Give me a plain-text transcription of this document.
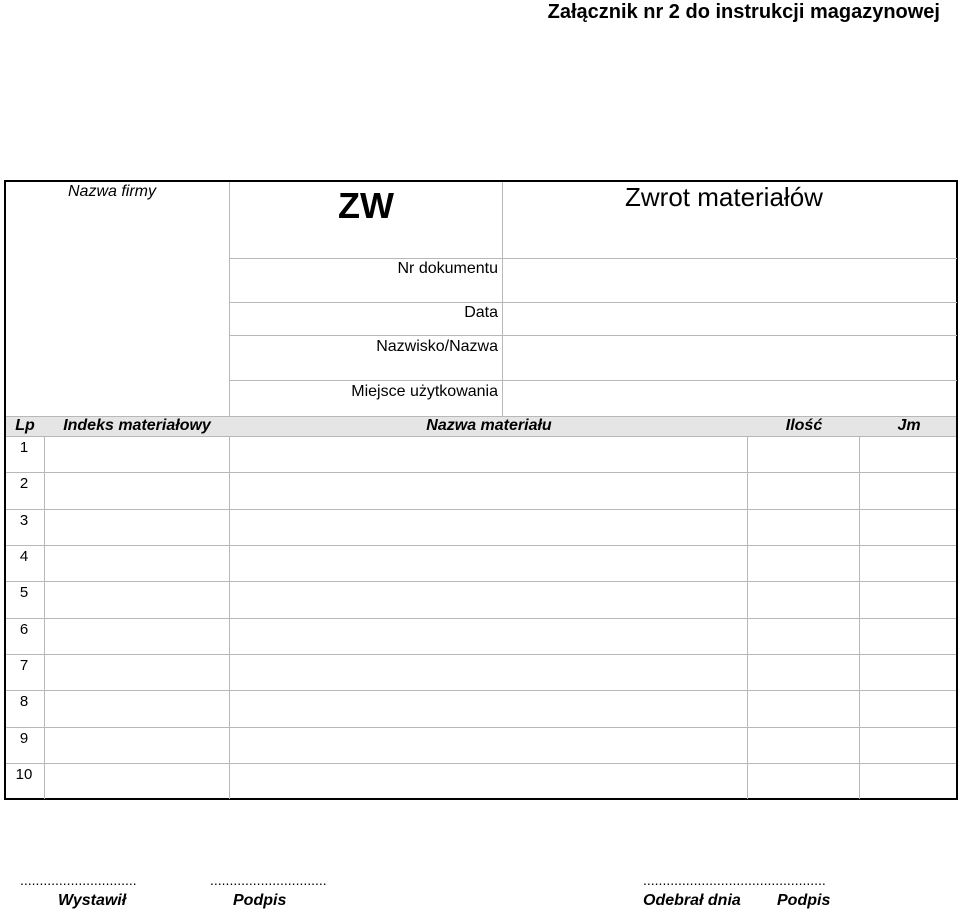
Załącznik nr 2 do instrukcji magazynowej
Nazwa firmy	ZW	Zwrot materiałów
Nr dokumentu
Data
Nazwisko/Nazwa
Miejsce użytkowania
Lp	Indeks materiałowy	Nazwa materiału	Ilość	Jm
1
2
3
4
5
6
7
8
9
10
..............................	..............................	...............................................
Wystawił	Podpis	Odebrał dnia Podpis
